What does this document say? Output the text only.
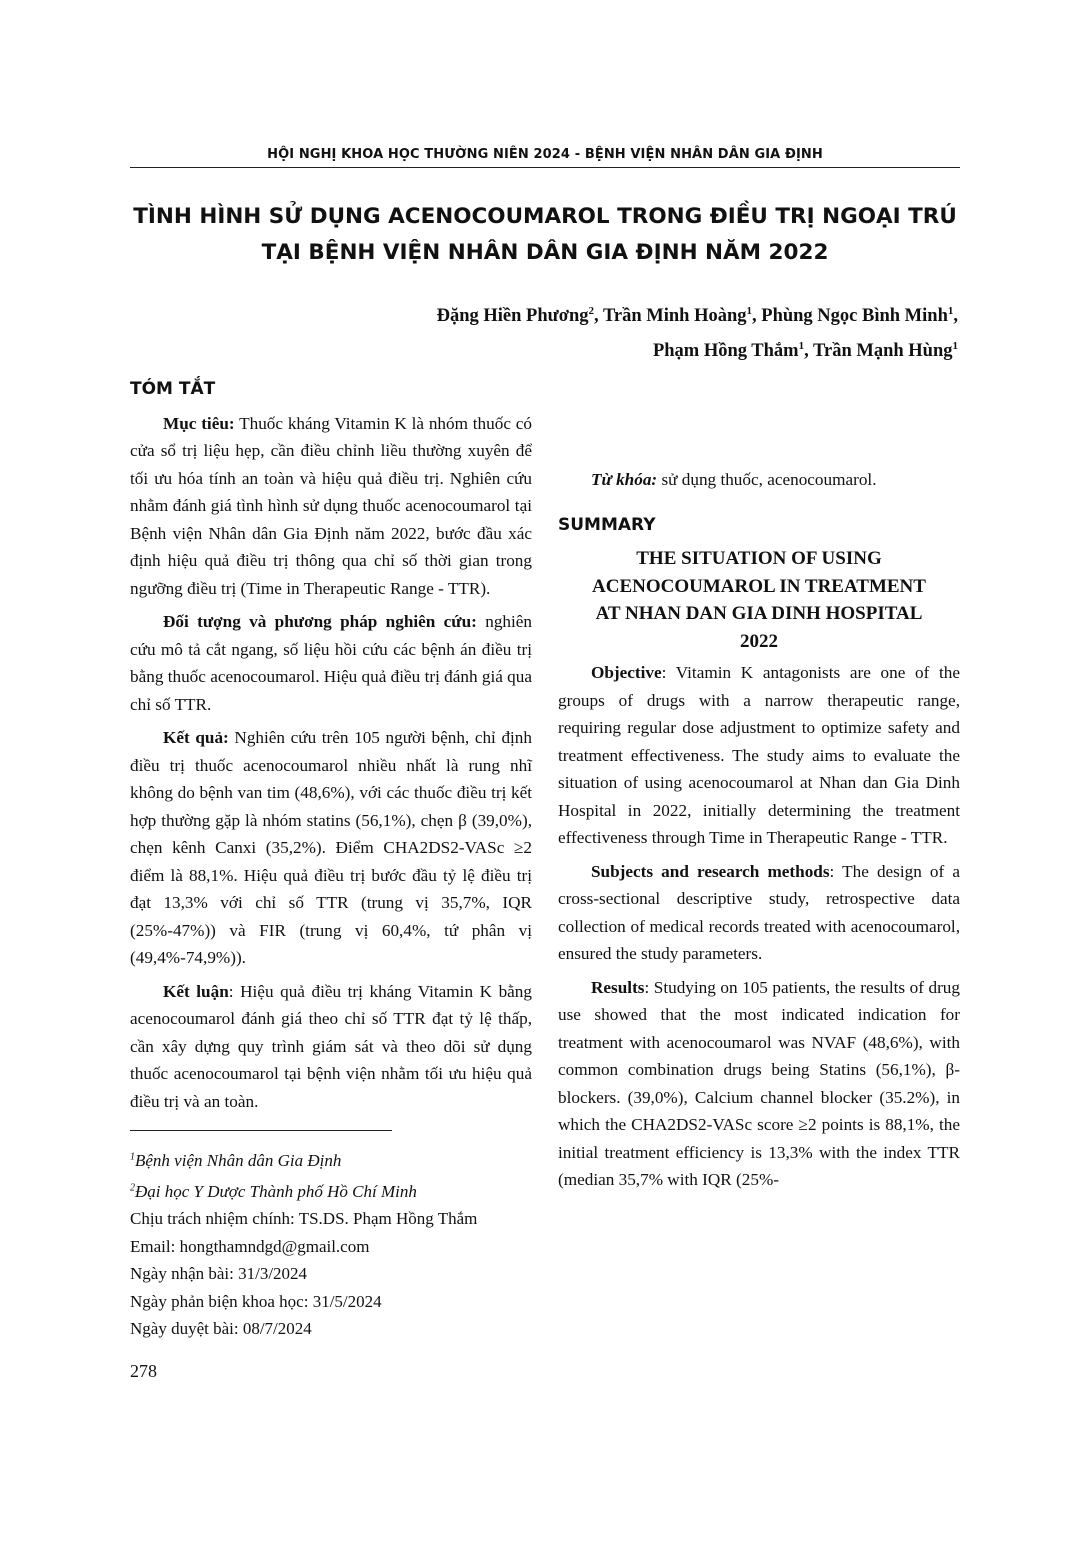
HỘI NGHỊ KHOA HỌC THƯỜNG NIÊN 2024 - BỆNH VIỆN NHÂN DÂN GIA ĐỊNH
TÌNH HÌNH SỬ DỤNG ACENOCOUMAROL TRONG ĐIỀU TRỊ NGOẠI TRÚ
TẠI BỆNH VIỆN NHÂN DÂN GIA ĐỊNH NĂM 2022
Đặng Hiền Phương$^2$, Trần Minh Hoàng$^1$, Phùng Ngọc Bình Minh$^1$,
Phạm Hồng Thắm$^1$, Trần Mạnh Hùng$^1$
TÓM TẮT

Mục tiêu: Thuốc kháng Vitamin K là nhóm thuốc có cửa sổ trị liệu hẹp, cần điều chỉnh liều thường xuyên để tối ưu hóa tính an toàn và hiệu quả điều trị. Nghiên cứu nhằm đánh giá tình hình sử dụng thuốc acenocoumarol tại Bệnh viện Nhân dân Gia Định năm 2022, bước đầu xác định hiệu quả điều trị thông qua chỉ số thời gian trong ngưỡng điều trị (Time in Therapeutic Range - TTR).

Đối tượng và phương pháp nghiên cứu: nghiên cứu mô tả cắt ngang, số liệu hồi cứu các bệnh án điều trị bằng thuốc acenocoumarol. Hiệu quả điều trị đánh giá qua chỉ số TTR.

Kết quả: Nghiên cứu trên 105 người bệnh, chỉ định điều trị thuốc acenocoumarol nhiều nhất là rung nhĩ không do bệnh van tim (48,6%), với các thuốc điều trị kết hợp thường gặp là nhóm statins (56,1%), chẹn β (39,0%), chẹn kênh Canxi (35,2%). Điểm CHA2DS2-VASc ≥2 điểm là 88,1%. Hiệu quả điều trị bước đầu tỷ lệ điều trị đạt 13,3% với chỉ số TTR (trung vị 35,7%, IQR (25%-47%)) và FIR (trung vị 60,4%, tứ phân vị (49,4%-74,9%)).

Kết luận: Hiệu quả điều trị kháng Vitamin K bằng acenocoumarol đánh giá theo chỉ số TTR đạt tỷ lệ thấp, cần xây dựng quy trình giám sát và theo dõi sử dụng thuốc acenocoumarol tại bệnh viện nhằm tối ưu hiệu quả điều trị và an toàn.

Từ khóa: sử dụng thuốc, acenocoumarol.

SUMMARY
THE SITUATION OF USING
ACENOCOUMAROL IN TREATMENT
AT NHAN DAN GIA DINH HOSPITAL
2022

Objective: Vitamin K antagonists are one of the groups of drugs with a narrow therapeutic range, requiring regular dose adjustment to optimize safety and treatment effectiveness. The study aims to evaluate the situation of using acenocoumarol at Nhan dan Gia Dinh Hospital in 2022, initially determining the treatment effectiveness through Time in Therapeutic Range - TTR.

Subjects and research methods: The design of a cross-sectional descriptive study, retrospective data collection of medical records treated with acenocoumarol, ensured the study parameters.

Results: Studying on 105 patients, the results of drug use showed that the most indicated indication for treatment with acenocoumarol was NVAF (48,6%), with common combination drugs being Statins (56,1%), β-blockers. (39,0%), Calcium channel blocker (35.2%), in which the CHA2DS2-VASc score ≥2 points is 88,1%, the initial treatment efficiency is 13,3% with the index TTR (median 35,7% with IQR (25%-

$^1$Bệnh viện Nhân dân Gia Định
$^2$Đại học Y Dược Thành phố Hồ Chí Minh
Chịu trách nhiệm chính: TS.DS. Phạm Hồng Thắm
Email: hongthamndgd@gmail.com
Ngày nhận bài: 31/3/2024
Ngày phản biện khoa học: 31/5/2024
Ngày duyệt bài: 08/7/2024
278
